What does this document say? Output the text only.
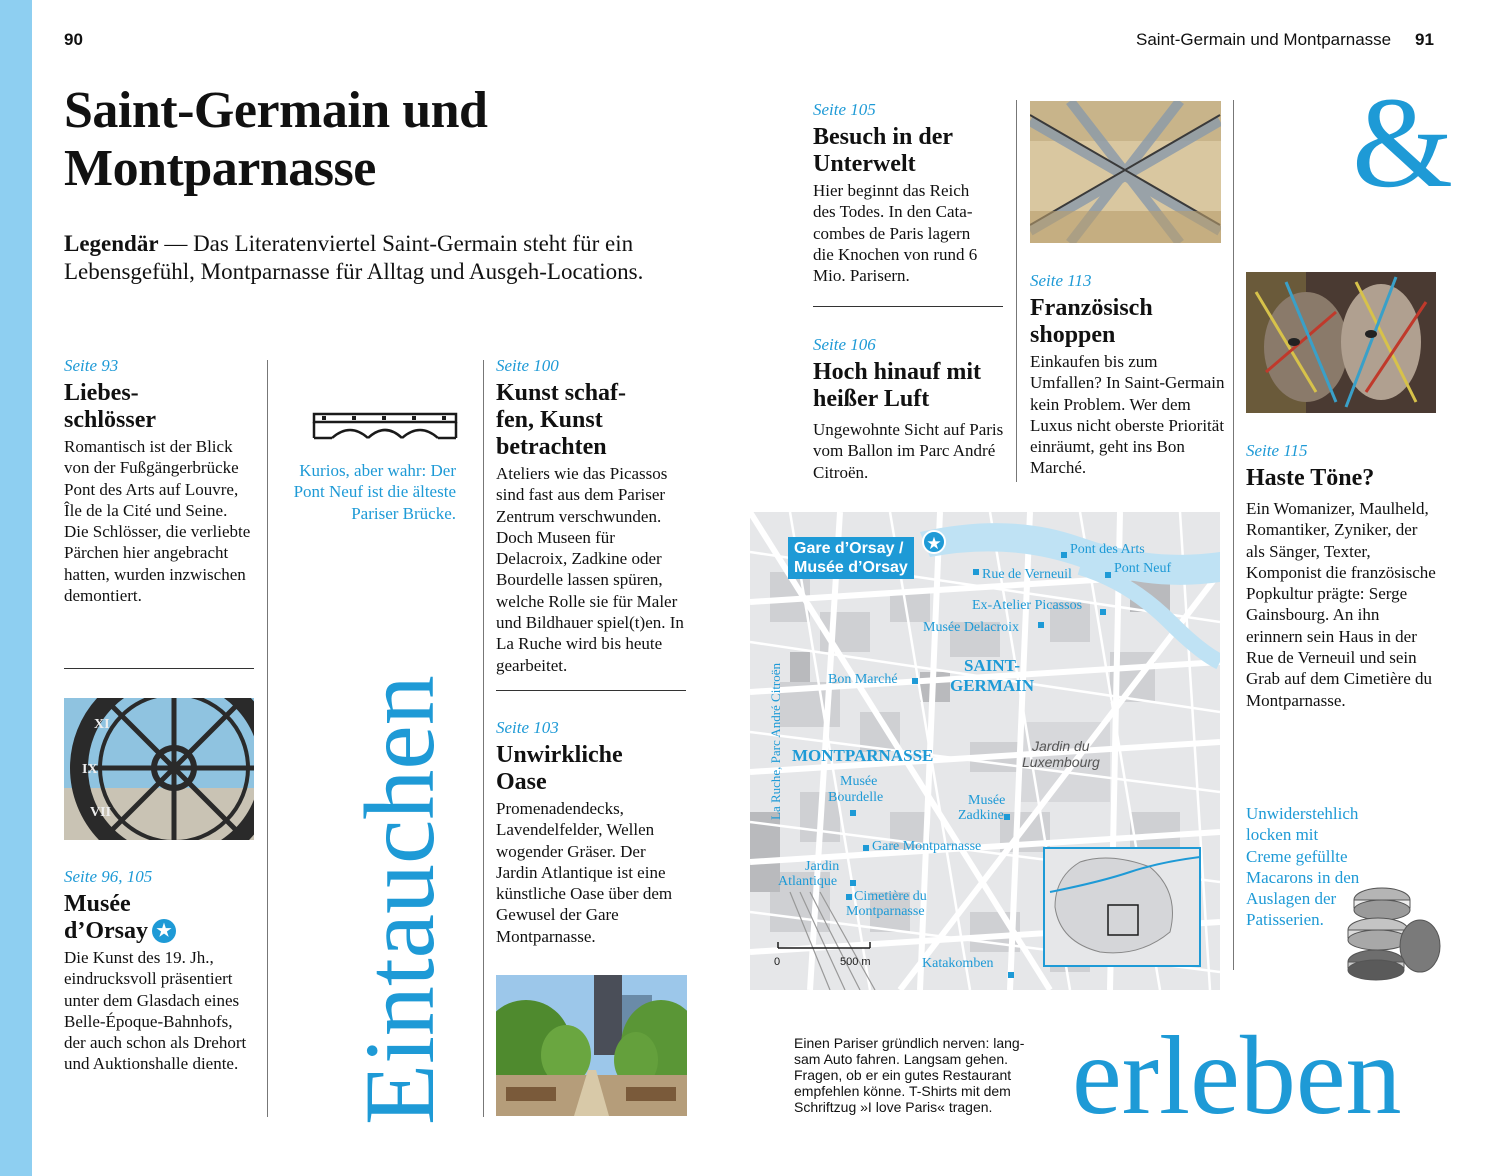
90	Saint-Germain und Montparnasse 91
Saint-Germain und
Montparnasse
Legendär — Das Literatenviertel Saint-Germain steht für ein Lebensgefühl, Montparnasse für Alltag und Ausgeh-Locations.
Seite 93
Liebes-
schlösser
Romantisch ist der Blick von der Fußgängerbrücke Pont des Arts auf Louvre, Île de la Cité und Seine. Die Schlösser, die verliebte Pärchen hier angebracht hatten, wurden inzwischen demontiert.
IX
VII
XI
Seite 96, 105
Musée
d’Orsay ★
Die Kunst des 19. Jh., eindrucksvoll präsentiert unter dem Glasdach eines Belle-Époque-Bahnhofs, der auch schon als Drehort und Auktionshalle diente.
Kurios, aber wahr: Der Pont Neuf ist die älteste Pariser Brücke.
Eintauchen
Seite 100
Kunst schaf-
fen, Kunst
betrachten
Ateliers wie das Picassos sind fast aus dem Pariser Zentrum verschwunden. Doch Museen für Delacroix, Zadkine oder Bourdelle lassen spüren, welche Rolle sie für Maler und Bildhauer spiel(t)en. In La Ruche wird bis heute gearbeitet.
Seite 103
Unwirkliche
Oase
Promenadendecks, Lavendelfelder, Wellen wogender Gräser. Der Jardin Atlantique ist eine künstliche Oase über dem Gewusel der Gare Montparnasse.
Seite 105
Besuch in der
Unterwelt
Hier beginnt das Reich des Todes. In den Catacombes de Paris lagern die Knochen von rund 6 Mio. Parisern.
Seite 106
Hoch hinauf mit
heißer Luft
Ungewohnte Sicht auf Paris vom Ballon im Parc André Citroën.
Seite 113
Französisch
shoppen
Einkaufen bis zum Umfallen? In Saint-Germain kein Problem. Wer dem Luxus nicht oberste Priorität einräumt, geht ins Bon Marché.
&
Seite 115
Haste Töne?
Ein Womanizer, Maulheld, Romantiker, Zyniker, der als Sänger, Texter, Komponist die französische Popkultur prägte: Serge Gainsbourg. An ihn erinnern sein Haus in der Rue de Verneuil und sein Grab auf dem Cimetière du Montparnasse.
Unwiderstehlich locken mit Creme gefüllte Macarons in den Auslagen der Patisserien.
Gare d’Orsay /
Musée d’Orsay
★	Pont des Arts
Pont Neuf
Rue de Verneuil
Ex-Atelier Picassos
Musée Delacroix
SAINT-
GERMAIN
Bon Marché
Jardin du
Luxembourg
MONTPARNASSE
Musée
Bourdelle	Musée
Zadkine
Gare Montparnasse
Jardin
Atlantique
Cimetière du
Montparnasse
Katakomben
La Ruche, Parc André Citroën
0	500 m
Einen Pariser gründlich nerven: langsam Auto fahren. Langsam gehen. Fragen, ob er ein gutes Restaurant empfehlen könne. T-Shirts mit dem Schriftzug »I love Paris« tragen. erleben
